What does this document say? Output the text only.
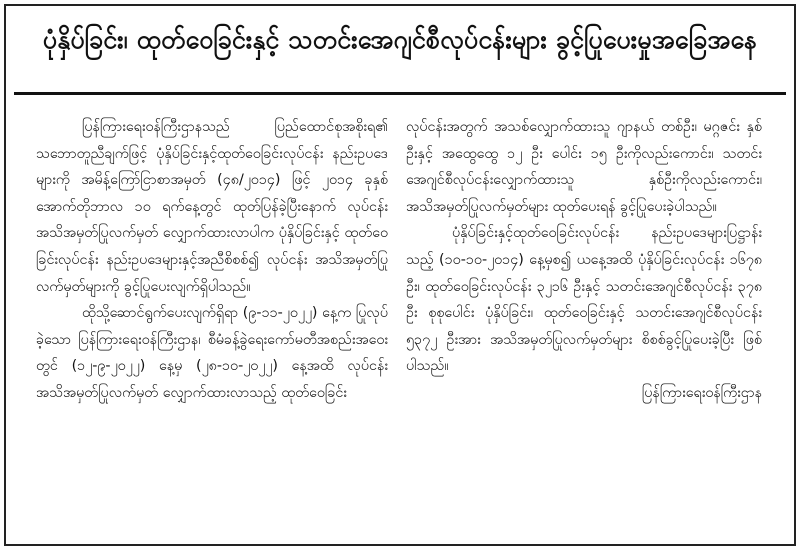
ပုံနှိပ်ခြင်း၊ ထုတ်ဝေခြင်းနှင့် သတင်းအေဂျင်စီလုပ်ငန်းများ ခွင့်ပြုပေးမှုအခြေအနေ

ပြန်ကြားရေးဝန်ကြီးဌာနသည် ပြည်ထောင်စုအစိုးရ၏ သဘောတူညီချက်ဖြင့် ပုံနှိပ်ခြင်းနှင့်ထုတ်ဝေခြင်းလုပ်ငန်း နည်းဥပဒေများကို အမိန့်ကြော်ငြာစာအမှတ် (၄၈/၂၀၁၄) ဖြင့် ၂၀၁၄ ခုနှစ် အောက်တိုဘာလ ၁၀ ရက်နေ့တွင် ထုတ်ပြန်ခဲ့ပြီးနောက် လုပ်ငန်းအသိအမှတ်ပြုလက်မှတ် လျှောက်ထားလာပါက ပုံနှိပ်ခြင်းနှင့် ထုတ်ဝေခြင်းလုပ်ငန်း နည်းဥပဒေများနှင့်အညီစိစစ်၍ လုပ်ငန်း အသိအမှတ်ပြုလက်မှတ်များကို ခွင့်ပြုပေးလျက်ရှိပါသည်။

ထိုသို့ဆောင်ရွက်ပေးလျက်ရှိရာ (၉-၁၁-၂၀၂၂) နေ့က ပြုလုပ်ခဲ့သော ပြန်ကြားရေးဝန်ကြီးဌာန၊ စီမံခန့်ခွဲရေးကော်မတီအစည်းအဝေးတွင် (၁၂-၉-၂၀၂၂) နေ့မှ (၂၈-၁၀-၂၀၂၂) နေ့အထိ လုပ်ငန်း အသိအမှတ်ပြုလက်မှတ် လျှောက်ထားလာသည့် ထုတ်ဝေခြင်း

လုပ်ငန်းအတွက် အသစ်လျှောက်ထားသူ ဂျာနယ် တစ်ဦး၊ မဂ္ဂဇင်း နှစ်ဦးနှင့် အထွေထွေ ၁၂ ဦး ပေါင်း ၁၅ ဦးကိုလည်းကောင်း၊ သတင်းအေဂျင်စီလုပ်ငန်းလျှောက်ထားသူ နှစ်ဦးကိုလည်းကောင်း၊ အသိအမှတ်ပြုလက်မှတ်များ ထုတ်ပေးရန် ခွင့်ပြုပေးခဲ့ပါသည်။

ပုံနှိပ်ခြင်းနှင့်ထုတ်ဝေခြင်းလုပ်ငန်း နည်းဥပဒေများပြဋ္ဌာန်းသည့် (၁၀-၁၀-၂၀၁၄) နေ့မှစ၍ ယနေ့အထိ ပုံနှိပ်ခြင်းလုပ်ငန်း ၁၆၇၈ ဦး၊ ထုတ်ဝေခြင်းလုပ်ငန်း ၃၂၁၆ ဦးနှင့် သတင်းအေဂျင်စီလုပ်ငန်း ၃၇၈ ဦး စုစုပေါင်း ပုံနှိပ်ခြင်း၊ ထုတ်ဝေခြင်းနှင့် သတင်းအေဂျင်စီလုပ်ငန်း ၅၃၇၂ ဦးအား အသိအမှတ်ပြုလက်မှတ်များ စိစစ်ခွင့်ပြုပေးခဲ့ပြီး ဖြစ်ပါသည်။

ပြန်ကြားရေးဝန်ကြီးဌာန
